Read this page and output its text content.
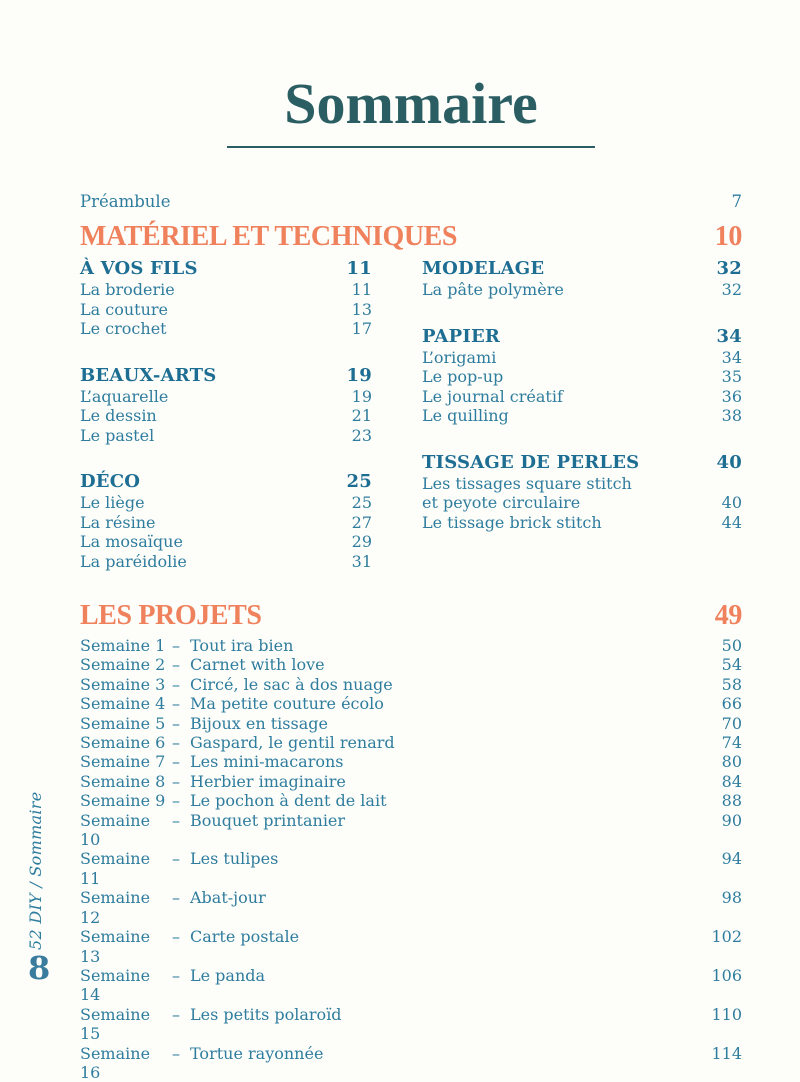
Sommaire
Préambule	7
MATÉRIEL ET TECHNIQUES	10
À VOS FILS	11
La broderie	11
La couture	13
Le crochet	17
BEAUX-ARTS	19
L’aquarelle	19
Le dessin	21
Le pastel	23
DÉCO	25
Le liège	25
La résine	27
La mosaïque	29
La paréidolie	31
MODELAGE	32
La pâte polymère	32
PAPIER	34
L’origami	34
Le pop-up	35
Le journal créatif	36
Le quilling	38
TISSAGE DE PERLES	40
Les tissages square stitch
et peyote circulaire	40
Le tissage brick stitch	44
LES PROJETS	49
Semaine 1 – Tout ira bien	50
Semaine 2 – Carnet with love	54
Semaine 3 – Circé, le sac à dos nuage	58
Semaine 4 – Ma petite couture écolo	66
Semaine 5 – Bijoux en tissage	70
Semaine 6 – Gaspard, le gentil renard	74
Semaine 7 – Les mini-macarons	80
Semaine 8 – Herbier imaginaire	84
Semaine 9 – Le pochon à dent de lait	88
Semaine 10
– Bouquet printanier	90
Semaine 11
– Les tulipes	94
Semaine 12
– Abat-jour	98
Semaine 13
– Carte postale	102
Semaine 14
– Le panda	106
Semaine 15
– Les petits polaroïd	110
Semaine 16
– Tortue rayonnée	114
52 DIY / Sommaire
8
